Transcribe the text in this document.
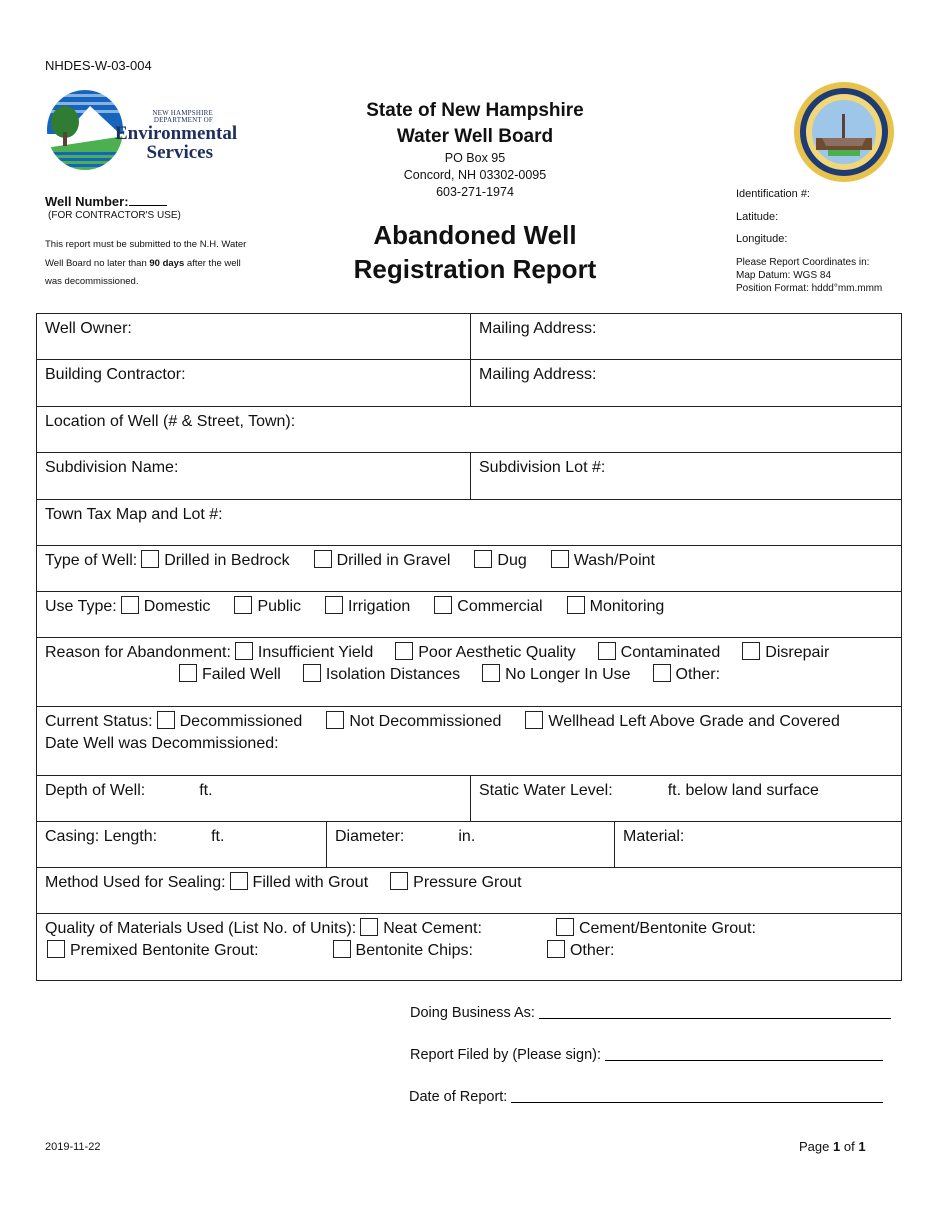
NHDES-W-03-004
NEW HAMPSHIRE
DEPARTMENT OF
Environmental
Services
Well Number:
(FOR CONTRACTOR'S USE)
This report must be submitted to the N.H. Water Well Board no later than 90 days after the well was decommissioned.
State of New Hampshire
Water Well Board
PO Box 95
Concord, NH 03302-0095
603-271-1974
Abandoned Well
Registration Report
Identification #:
Latitude:
Longitude:
Please Report Coordinates in:
Map Datum: WGS 84
Position Format: hddd°mm.mmm
Well Owner:	Mailing Address:
Building Contractor:	Mailing Address:
Location of Well (# & Street, Town):
Subdivision Name:	Subdivision Lot #:
Town Tax Map and Lot #:
Type of Well: Drilled in Bedrock	Drilled in Gravel	Dug	Wash/Point
Use Type: Domestic	Public	Irrigation	Commercial	Monitoring
Reason for Abandonment: Insufficient Yield	Poor Aesthetic Quality	Contaminated	Disrepair
Failed Well	Isolation Distances	No Longer In Use	Other:
Current Status: Decommissioned	Not Decommissioned	Wellhead Left Above Grade and Covered
Date Well was Decommissioned:
Depth of Well:	ft.	Static Water Level:	ft. below land surface
Casing: Length:	ft.	Diameter:	in.	Material:
Method Used for Sealing: Filled with Grout	Pressure Grout
Quality of Materials Used (List No. of Units): Neat Cement:	Cement/Bentonite Grout:
Premixed Bentonite Grout:	Bentonite Chips:	Other:
Doing Business As:
Report Filed by (Please sign):
Date of Report:
2019-11-22	Page 1 of 1
